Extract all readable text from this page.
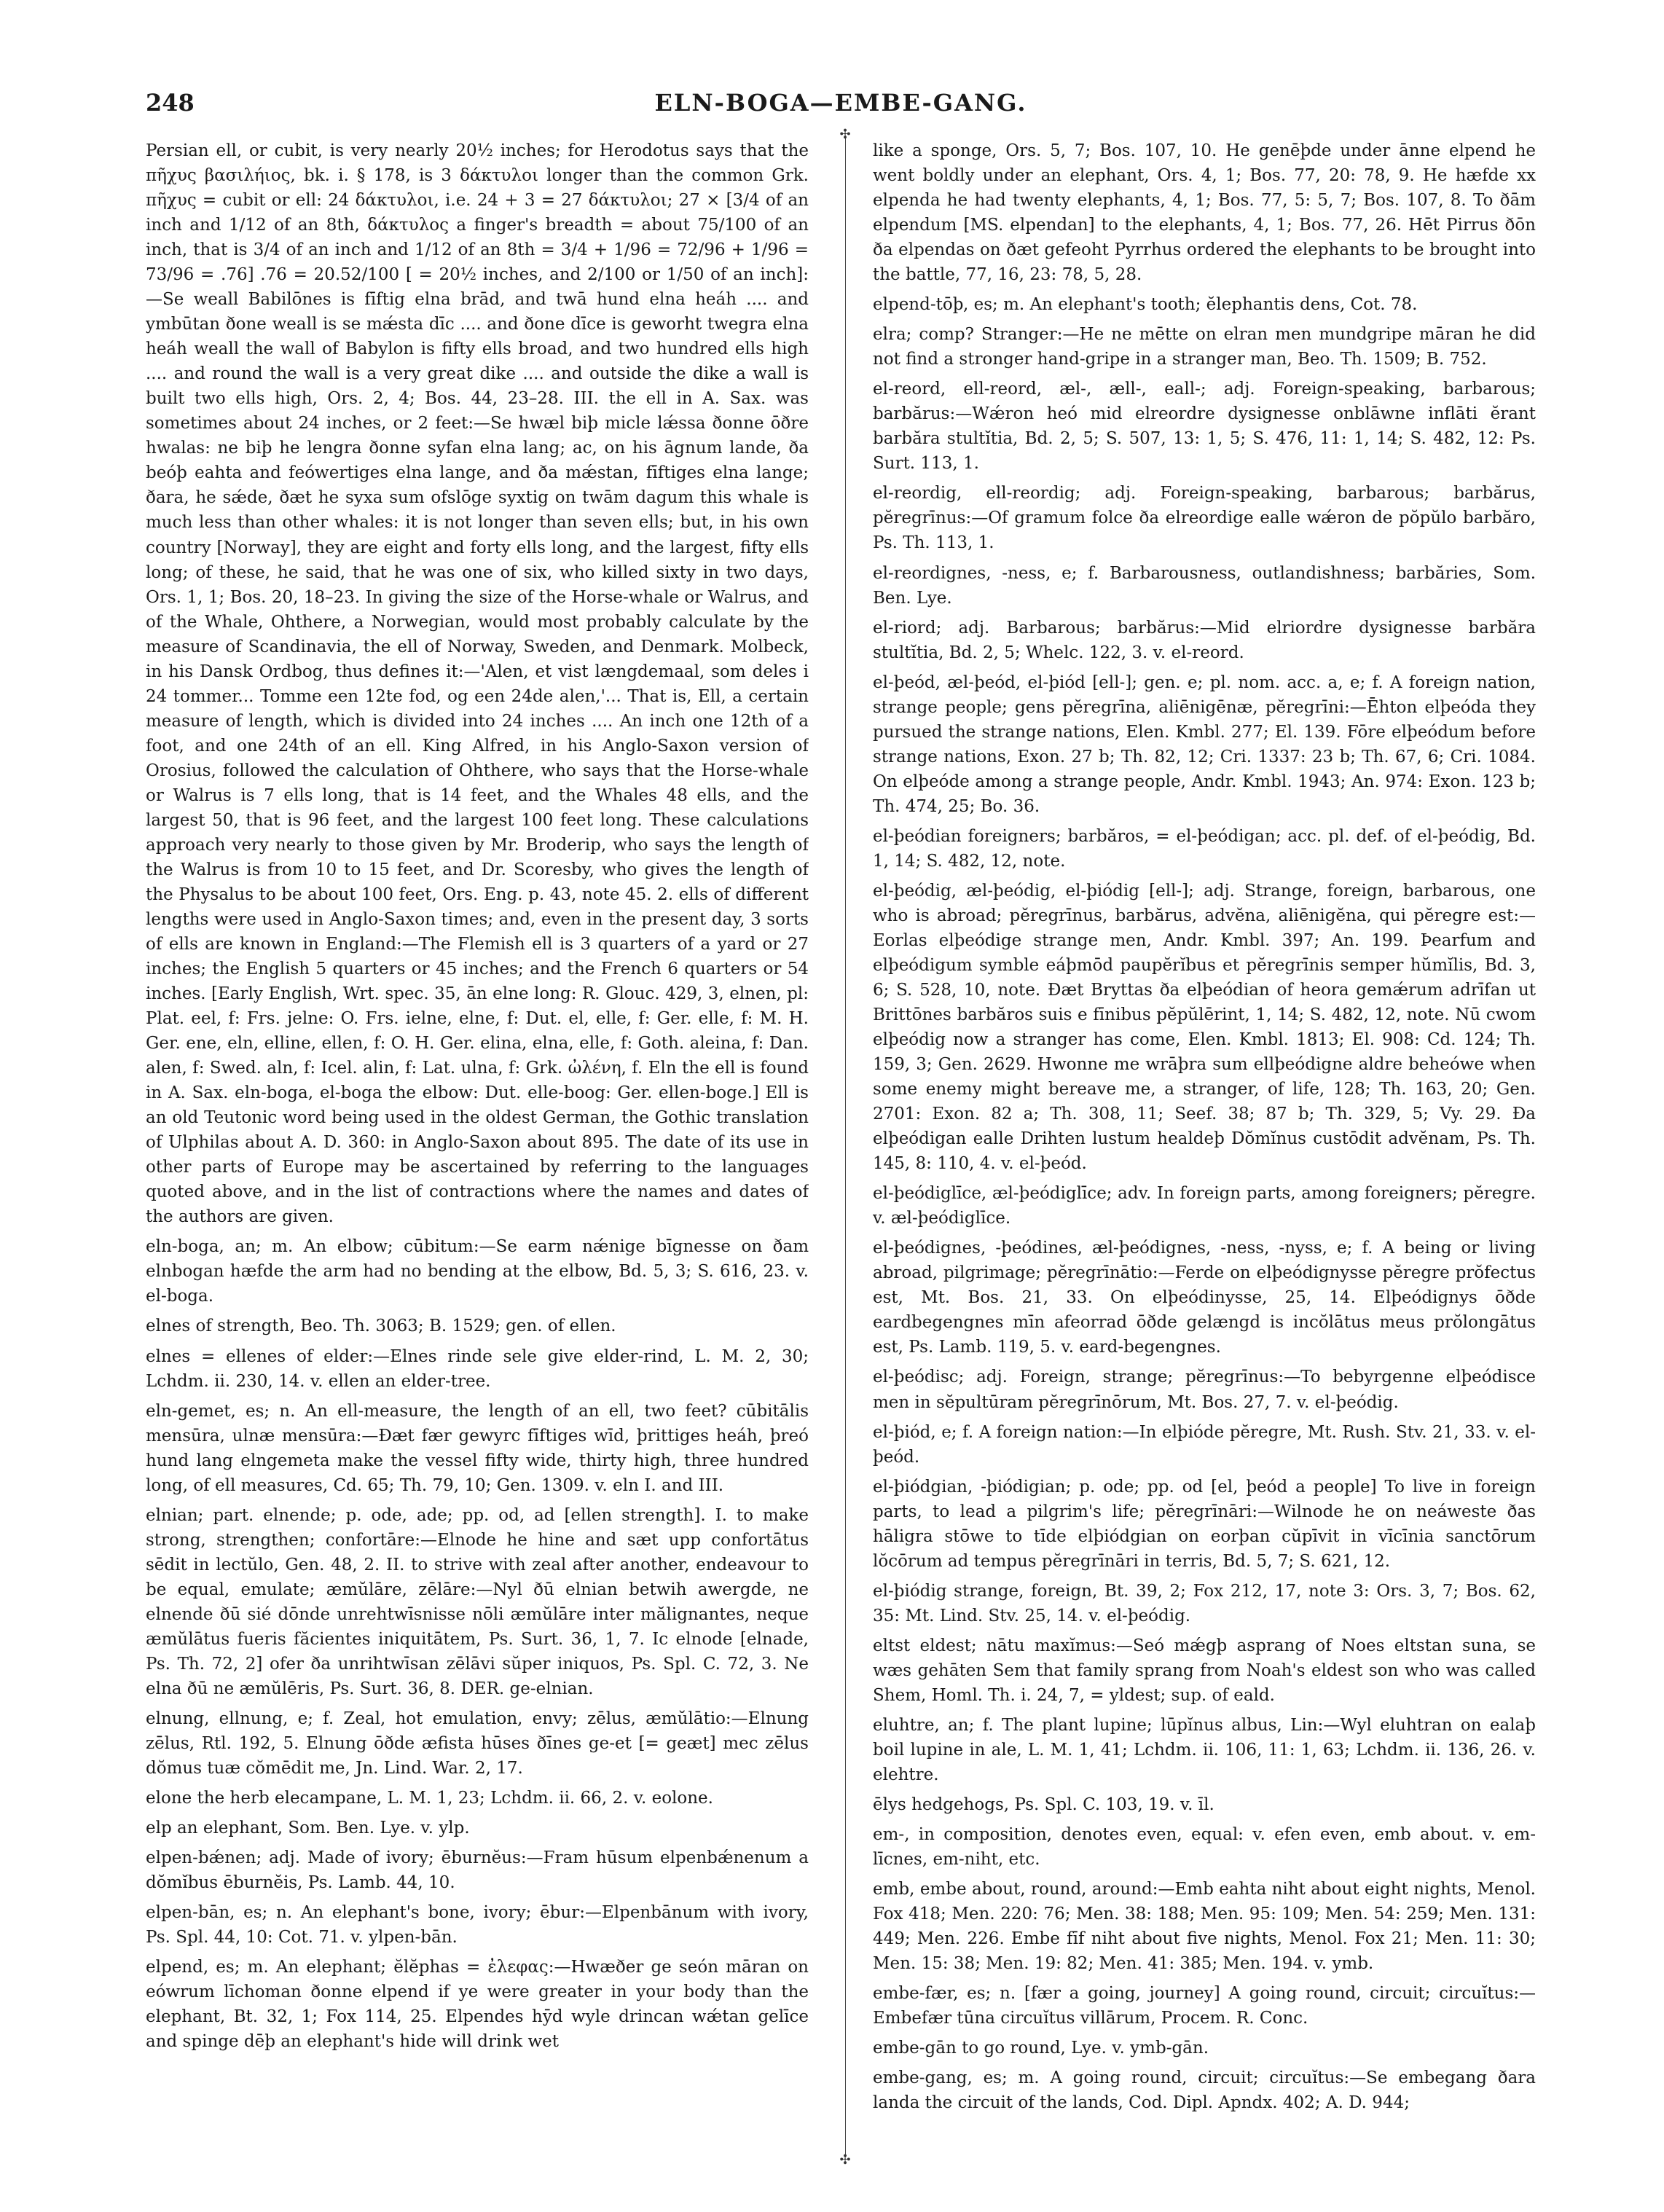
248	ELN-BOGA—EMBE-GANG.
✣
✣

Persian ell, or cubit, is very nearly 20½ inches; for Herodotus says that the πῆχυς βασιλήιος, bk. i. § 178, is 3 δάκτυλοι longer than the common Grk. πῆχυς = cubit or ell: 24 δάκτυλοι, i.e. 24 + 3 = 27 δάκτυλοι; 27 × [3/4 of an inch and 1/12 of an 8th, δάκτυλος a finger's breadth = about 75/100 of an inch, that is 3/4 of an inch and 1/12 of an 8th = 3/4 + 1/96 = 72/96 + 1/96 = 73/96 = .76] .76 = 20.52/100 [ = 20½ inches, and 2/100 or 1/50 of an inch]:—Se weall Babilōnes is fīftig elna brād, and twā hund elna heáh .... and ymbūtan ðone weall is se mǽsta dīc .... and ðone dīce is geworht twegra elna heáh weall the wall of Babylon is fifty ells broad, and two hundred ells high .... and round the wall is a very great dike .... and outside the dike a wall is built two ells high, Ors. 2, 4; Bos. 44, 23–28. III. the ell in A. Sax. was sometimes about 24 inches, or 2 feet:—Se hwæl biþ micle lǽssa ðonne ōðre hwalas: ne biþ he lengra ðonne syfan elna lang; ac, on his āgnum lande, ða beóþ eahta and feówertiges elna lange, and ða mǽstan, fīftiges elna lange; ðara, he sǽde, ðæt he syxa sum ofslōge syxtig on twām dagum this whale is much less than other whales: it is not longer than seven ells; but, in his own country [Norway], they are eight and forty ells long, and the largest, fifty ells long; of these, he said, that he was one of six, who killed sixty in two days, Ors. 1, 1; Bos. 20, 18–23. In giving the size of the Horse-whale or Walrus, and of the Whale, Ohthere, a Norwegian, would most probably calculate by the measure of Scandinavia, the ell of Norway, Sweden, and Denmark. Molbeck, in his Dansk Ordbog, thus defines it:—'Alen, et vist længdemaal, som deles i 24 tommer... Tomme een 12te fod, og een 24de alen,'... That is, Ell, a certain measure of length, which is divided into 24 inches .... An inch one 12th of a foot, and one 24th of an ell. King Alfred, in his Anglo-Saxon version of Orosius, followed the calculation of Ohthere, who says that the Horse-whale or Walrus is 7 ells long, that is 14 feet, and the Whales 48 ells, and the largest 50, that is 96 feet, and the largest 100 feet long. These calculations approach very nearly to those given by Mr. Broderip, who says the length of the Walrus is from 10 to 15 feet, and Dr. Scoresby, who gives the length of the Physalus to be about 100 feet, Ors. Eng. p. 43, note 45. 2. ells of different lengths were used in Anglo-Saxon times; and, even in the present day, 3 sorts of ells are known in England:—The Flemish ell is 3 quarters of a yard or 27 inches; the English 5 quarters or 45 inches; and the French 6 quarters or 54 inches. [Early English, Wrt. spec. 35, ān elne long: R. Glouc. 429, 3, elnen, pl: Plat. eel, f: Frs. jelne: O. Frs. ielne, elne, f: Dut. el, elle, f: Ger. elle, f: M. H. Ger. ene, eln, elline, ellen, f: O. H. Ger. elina, elna, elle, f: Goth. aleina, f: Dan. alen, f: Swed. aln, f: Icel. alin, f: Lat. ulna, f: Grk. ὠλένη, f. Eln the ell is found in A. Sax. eln-boga, el-boga the elbow: Dut. elle-boog: Ger. ellen-boge.] Ell is an old Teutonic word being used in the oldest German, the Gothic translation of Ulphilas about A. D. 360: in Anglo-Saxon about 895. The date of its use in other parts of Europe may be ascertained by referring to the languages quoted above, and in the list of contractions where the names and dates of the authors are given.

eln-boga, an; m. An elbow; cūbitum:—Se earm nǽnige bīgnesse on ðam elnbogan hæfde the arm had no bending at the elbow, Bd. 5, 3; S. 616, 23. v. el-boga.

elnes of strength, Beo. Th. 3063; B. 1529; gen. of ellen.

elnes = ellenes of elder:—Elnes rinde sele give elder-rind, L. M. 2, 30; Lchdm. ii. 230, 14. v. ellen an elder-tree.

eln-gemet, es; n. An ell-measure, the length of an ell, two feet? cūbitālis mensūra, ulnæ mensūra:—Ðæt fær gewyrc fīftiges wīd, þrittiges heáh, þreó hund lang elngemeta make the vessel fifty wide, thirty high, three hundred long, of ell measures, Cd. 65; Th. 79, 10; Gen. 1309. v. eln I. and III.

elnian; part. elnende; p. ode, ade; pp. od, ad [ellen strength]. I. to make strong, strengthen; confortāre:—Elnode he hine and sæt upp confortātus sēdit in lectŭlo, Gen. 48, 2. II. to strive with zeal after another, endeavour to be equal, emulate; æmŭlāre, zēlāre:—Nyl ðū elnian betwih awergde, ne elnende ðū sié dōnde unrehtwīsnisse nōli æmŭlāre inter mălignantes, neque æmŭlātus fueris făcientes iniquitātem, Ps. Surt. 36, 1, 7. Ic elnode [elnade, Ps. Th. 72, 2] ofer ða unrihtwīsan zēlāvi sŭper iniquos, Ps. Spl. C. 72, 3. Ne elna ðū ne æmŭlēris, Ps. Surt. 36, 8. DER. ge-elnian.

elnung, ellnung, e; f. Zeal, hot emulation, envy; zēlus, æmŭlātio:—Elnung zēlus, Rtl. 192, 5. Elnung ōðde æfista hūses ðīnes ge-et [= geæt] mec zēlus dŏmus tuæ cŏmēdit me, Jn. Lind. War. 2, 17.

elone the herb elecampane, L. M. 1, 23; Lchdm. ii. 66, 2. v. eolone.

elp an elephant, Som. Ben. Lye. v. ylp.

elpen-bǽnen; adj. Made of ivory; ēburnĕus:—Fram hūsum elpenbǽnenum a dŏmĭbus ēburnĕis, Ps. Lamb. 44, 10.

elpen-bān, es; n. An elephant's bone, ivory; ēbur:—Elpenbānum with ivory, Ps. Spl. 44, 10: Cot. 71. v. ylpen-bān.

elpend, es; m. An elephant; ĕlĕphas = ἐλεφας:—Hwæðer ge seón māran on eówrum līchoman ðonne elpend if ye were greater in your body than the elephant, Bt. 32, 1; Fox 114, 25. Elpendes hȳd wyle drincan wǽtan gelīce and spinge dēþ an elephant's hide will drink wet

like a sponge, Ors. 5, 7; Bos. 107, 10. He genēþde under ānne elpend he went boldly under an elephant, Ors. 4, 1; Bos. 77, 20: 78, 9. He hæfde xx elpenda he had twenty elephants, 4, 1; Bos. 77, 5: 5, 7; Bos. 107, 8. To ðām elpendum [MS. elpendan] to the elephants, 4, 1; Bos. 77, 26. Hēt Pirrus ðōn ða elpendas on ðæt gefeoht Pyrrhus ordered the elephants to be brought into the battle, 77, 16, 23: 78, 5, 28.

elpend-tōþ, es; m. An elephant's tooth; ĕlephantis dens, Cot. 78.

elra; comp? Stranger:—He ne mētte on elran men mundgripe māran he did not find a stronger hand-gripe in a stranger man, Beo. Th. 1509; B. 752.

el-reord, ell-reord, æl-, æll-, eall-; adj. Foreign-speaking, barbarous; barbărus:—Wǽron heó mid elreordre dysignesse onblāwne inflāti ĕrant barbăra stultĭtia, Bd. 2, 5; S. 507, 13: 1, 5; S. 476, 11: 1, 14; S. 482, 12: Ps. Surt. 113, 1.

el-reordig, ell-reordig; adj. Foreign-speaking, barbarous; barbărus, pĕregrīnus:—Of gramum folce ða elreordige ealle wǽron de pŏpŭlo barbăro, Ps. Th. 113, 1.

el-reordignes, -ness, e; f. Barbarousness, outlandishness; barbăries, Som. Ben. Lye.

el-riord; adj. Barbarous; barbărus:—Mid elriordre dysignesse barbăra stultĭtia, Bd. 2, 5; Whelc. 122, 3. v. el-reord.

el-þeód, æl-þeód, el-þiód [ell-]; gen. e; pl. nom. acc. a, e; f. A foreign nation, strange people; gens pĕregrīna, aliēnigēnæ, pĕregrīni:—Ēhton elþeóda they pursued the strange nations, Elen. Kmbl. 277; El. 139. Fōre elþeódum before strange nations, Exon. 27 b; Th. 82, 12; Cri. 1337: 23 b; Th. 67, 6; Cri. 1084. On elþeóde among a strange people, Andr. Kmbl. 1943; An. 974: Exon. 123 b; Th. 474, 25; Bo. 36.

el-þeódian foreigners; barbăros, = el-þeódigan; acc. pl. def. of el-þeódig, Bd. 1, 14; S. 482, 12, note.

el-þeódig, æl-þeódig, el-þiódig [ell-]; adj. Strange, foreign, barbarous, one who is abroad; pĕregrīnus, barbărus, advĕna, aliēnigĕna, qui pĕregre est:—Eorlas elþeódige strange men, Andr. Kmbl. 397; An. 199. Þearfum and elþeódigum symble eáþmōd paupĕrĭbus et pĕregrīnis semper hŭmĭlis, Bd. 3, 6; S. 528, 10, note. Ðæt Bryttas ða elþeódian of heora gemǽrum adrīfan ut Brittōnes barbăros suis e fīnibus pĕpŭlērint, 1, 14; S. 482, 12, note. Nū cwom elþeódig now a stranger has come, Elen. Kmbl. 1813; El. 908: Cd. 124; Th. 159, 3; Gen. 2629. Hwonne me wrāþra sum ellþeódigne aldre beheówe when some enemy might bereave me, a stranger, of life, 128; Th. 163, 20; Gen. 2701: Exon. 82 a; Th. 308, 11; Seef. 38; 87 b; Th. 329, 5; Vy. 29. Ða elþeódigan ealle Drihten lustum healdeþ Dŏmĭnus custōdit advĕnam, Ps. Th. 145, 8: 110, 4. v. el-þeód.

el-þeódiglīce, æl-þeódiglīce; adv. In foreign parts, among foreigners; pĕregre. v. æl-þeódiglīce.

el-þeódignes, -þeódines, æl-þeódignes, -ness, -nyss, e; f. A being or living abroad, pilgrimage; pĕregrīnātio:—Ferde on elþeódignysse pĕregre prŏfectus est, Mt. Bos. 21, 33. On elþeódinysse, 25, 14. Elþeódignys ōðde eardbegengnes mīn afeorrad ōðde gelængd is incŏlātus meus prŏlongātus est, Ps. Lamb. 119, 5. v. eard-begengnes.

el-þeódisc; adj. Foreign, strange; pĕregrīnus:—To bebyrgenne elþeódisce men in sĕpultūram pĕregrīnōrum, Mt. Bos. 27, 7. v. el-þeódig.

el-þiód, e; f. A foreign nation:—In elþióde pĕregre, Mt. Rush. Stv. 21, 33. v. el-þeód.

el-þiódgian, -þiódigian; p. ode; pp. od [el, þeód a people] To live in foreign parts, to lead a pilgrim's life; pĕregrīnāri:—Wilnode he on neáweste ðas hāligra stōwe to tīde elþiódgian on eorþan cŭpīvit in vīcīnia sanctōrum lŏcōrum ad tempus pĕregrīnāri in terris, Bd. 5, 7; S. 621, 12.

el-þiódig strange, foreign, Bt. 39, 2; Fox 212, 17, note 3: Ors. 3, 7; Bos. 62, 35: Mt. Lind. Stv. 25, 14. v. el-þeódig.

eltst eldest; nātu maxĭmus:—Seó mǽgþ asprang of Noes eltstan suna, se wæs gehāten Sem that family sprang from Noah's eldest son who was called Shem, Homl. Th. i. 24, 7, = yldest; sup. of eald.

eluhtre, an; f. The plant lupine; lūpĭnus albus, Lin:—Wyl eluhtran on ealaþ boil lupine in ale, L. M. 1, 41; Lchdm. ii. 106, 11: 1, 63; Lchdm. ii. 136, 26. v. elehtre.

ēlys hedgehogs, Ps. Spl. C. 103, 19. v. īl.

em-, in composition, denotes even, equal: v. efen even, emb about. v. em-līcnes, em-niht, etc.

emb, embe about, round, around:—Emb eahta niht about eight nights, Menol. Fox 418; Men. 220: 76; Men. 38: 188; Men. 95: 109; Men. 54: 259; Men. 131: 449; Men. 226. Embe fīf niht about five nights, Menol. Fox 21; Men. 11: 30; Men. 15: 38; Men. 19: 82; Men. 41: 385; Men. 194. v. ymb.

embe-fær, es; n. [fær a going, journey] A going round, circuit; circuĭtus:—Embefær tūna circuĭtus villārum, Procem. R. Conc.

embe-gān to go round, Lye. v. ymb-gān.

embe-gang, es; m. A going round, circuit; circuĭtus:—Se embegang ðara landa the circuit of the lands, Cod. Dipl. Apndx. 402; A. D. 944;
